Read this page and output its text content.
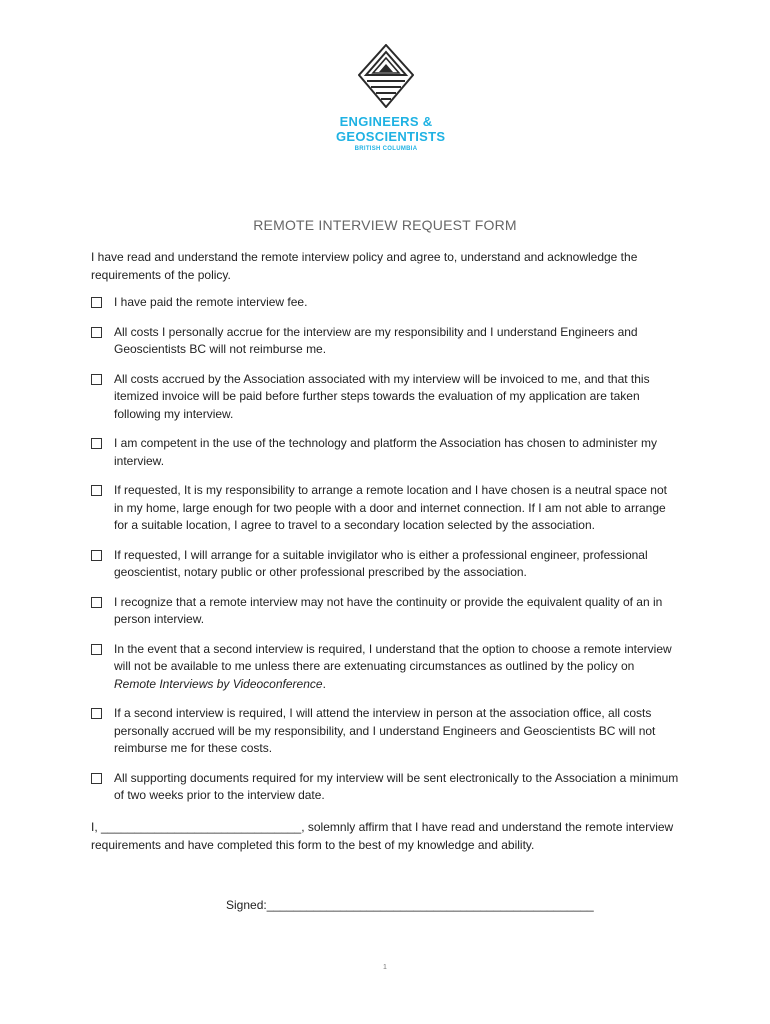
ENGINEERS &
GEOSCIENTISTS
BRITISH COLUMBIA
REMOTE INTERVIEW REQUEST FORM
I have read and understand the remote interview policy and agree to, understand and acknowledge the requirements of the policy.
I have paid the remote interview fee.
All costs I personally accrue for the interview are my responsibility and I understand Engineers and Geoscientists BC will not reimburse me.
All costs accrued by the Association associated with my interview will be invoiced to me, and that this itemized invoice will be paid before further steps towards the evaluation of my application are taken following my interview.
I am competent in the use of the technology and platform the Association has chosen to administer my interview.
If requested, It is my responsibility to arrange a remote location and I have chosen is a neutral space not in my home, large enough for two people with a door and internet connection. If I am not able to arrange for a suitable location, I agree to travel to a secondary location selected by the association.
If requested, I will arrange for a suitable invigilator who is either a professional engineer, professional geoscientist, notary public or other professional prescribed by the association.
I recognize that a remote interview may not have the continuity or provide the equivalent quality of an in person interview.
In the event that a second interview is required, I understand that the option to choose a remote interview will not be available to me unless there are extenuating circumstances as outlined by the policy on Remote Interviews by Videoconference.
If a second interview is required, I will attend the interview in person at the association office, all costs personally accrued will be my responsibility, and I understand Engineers and Geoscientists BC will not reimburse me for these costs.
All supporting documents required for my interview will be sent electronically to the Association a minimum of two weeks prior to the interview date.
I, ______________________________, solemnly affirm that I have read and understand the remote interview requirements and have completed this form to the best of my knowledge and ability.
Signed:_________________________________________________
1
